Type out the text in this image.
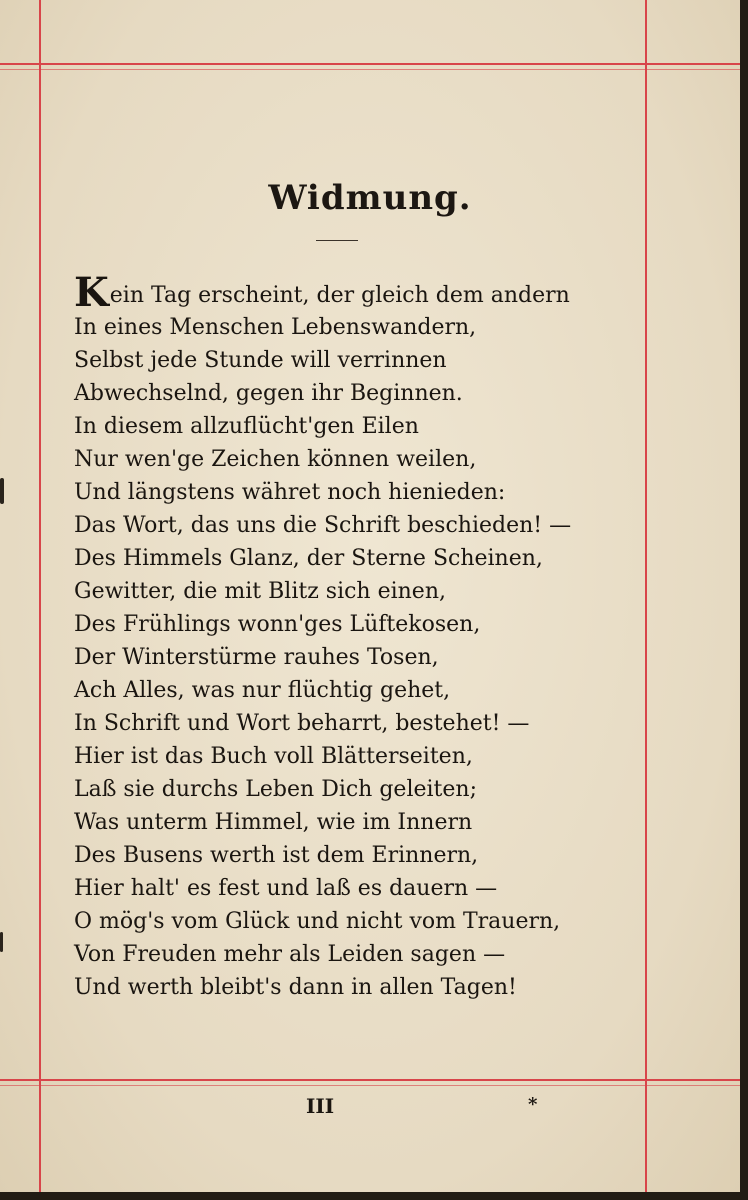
Widmung.
Kein Tag erscheint, der gleich dem andern
In eines Menschen Lebenswandern,
Selbst jede Stunde will verrinnen
Abwechselnd, gegen ihr Beginnen.
In diesem allzuflücht'gen Eilen
Nur wen'ge Zeichen können weilen,
Und längstens währet noch hienieden:
Das Wort, das uns die Schrift beschieden! —
Des Himmels Glanz, der Sterne Scheinen,
Gewitter, die mit Blitz sich einen,
Des Frühlings wonn'ges Lüftekosen,
Der Winterstürme rauhes Tosen,
Ach Alles, was nur flüchtig gehet,
In Schrift und Wort beharrt, bestehet! —
Hier ist das Buch voll Blätterseiten,
Laß sie durchs Leben Dich geleiten;
Was unterm Himmel, wie im Innern
Des Busens werth ist dem Erinnern,
Hier halt' es fest und laß es dauern —
O mög's vom Glück und nicht vom Trauern,
Von Freuden mehr als Leiden sagen —
Und werth bleibt's dann in allen Tagen!
III	*
